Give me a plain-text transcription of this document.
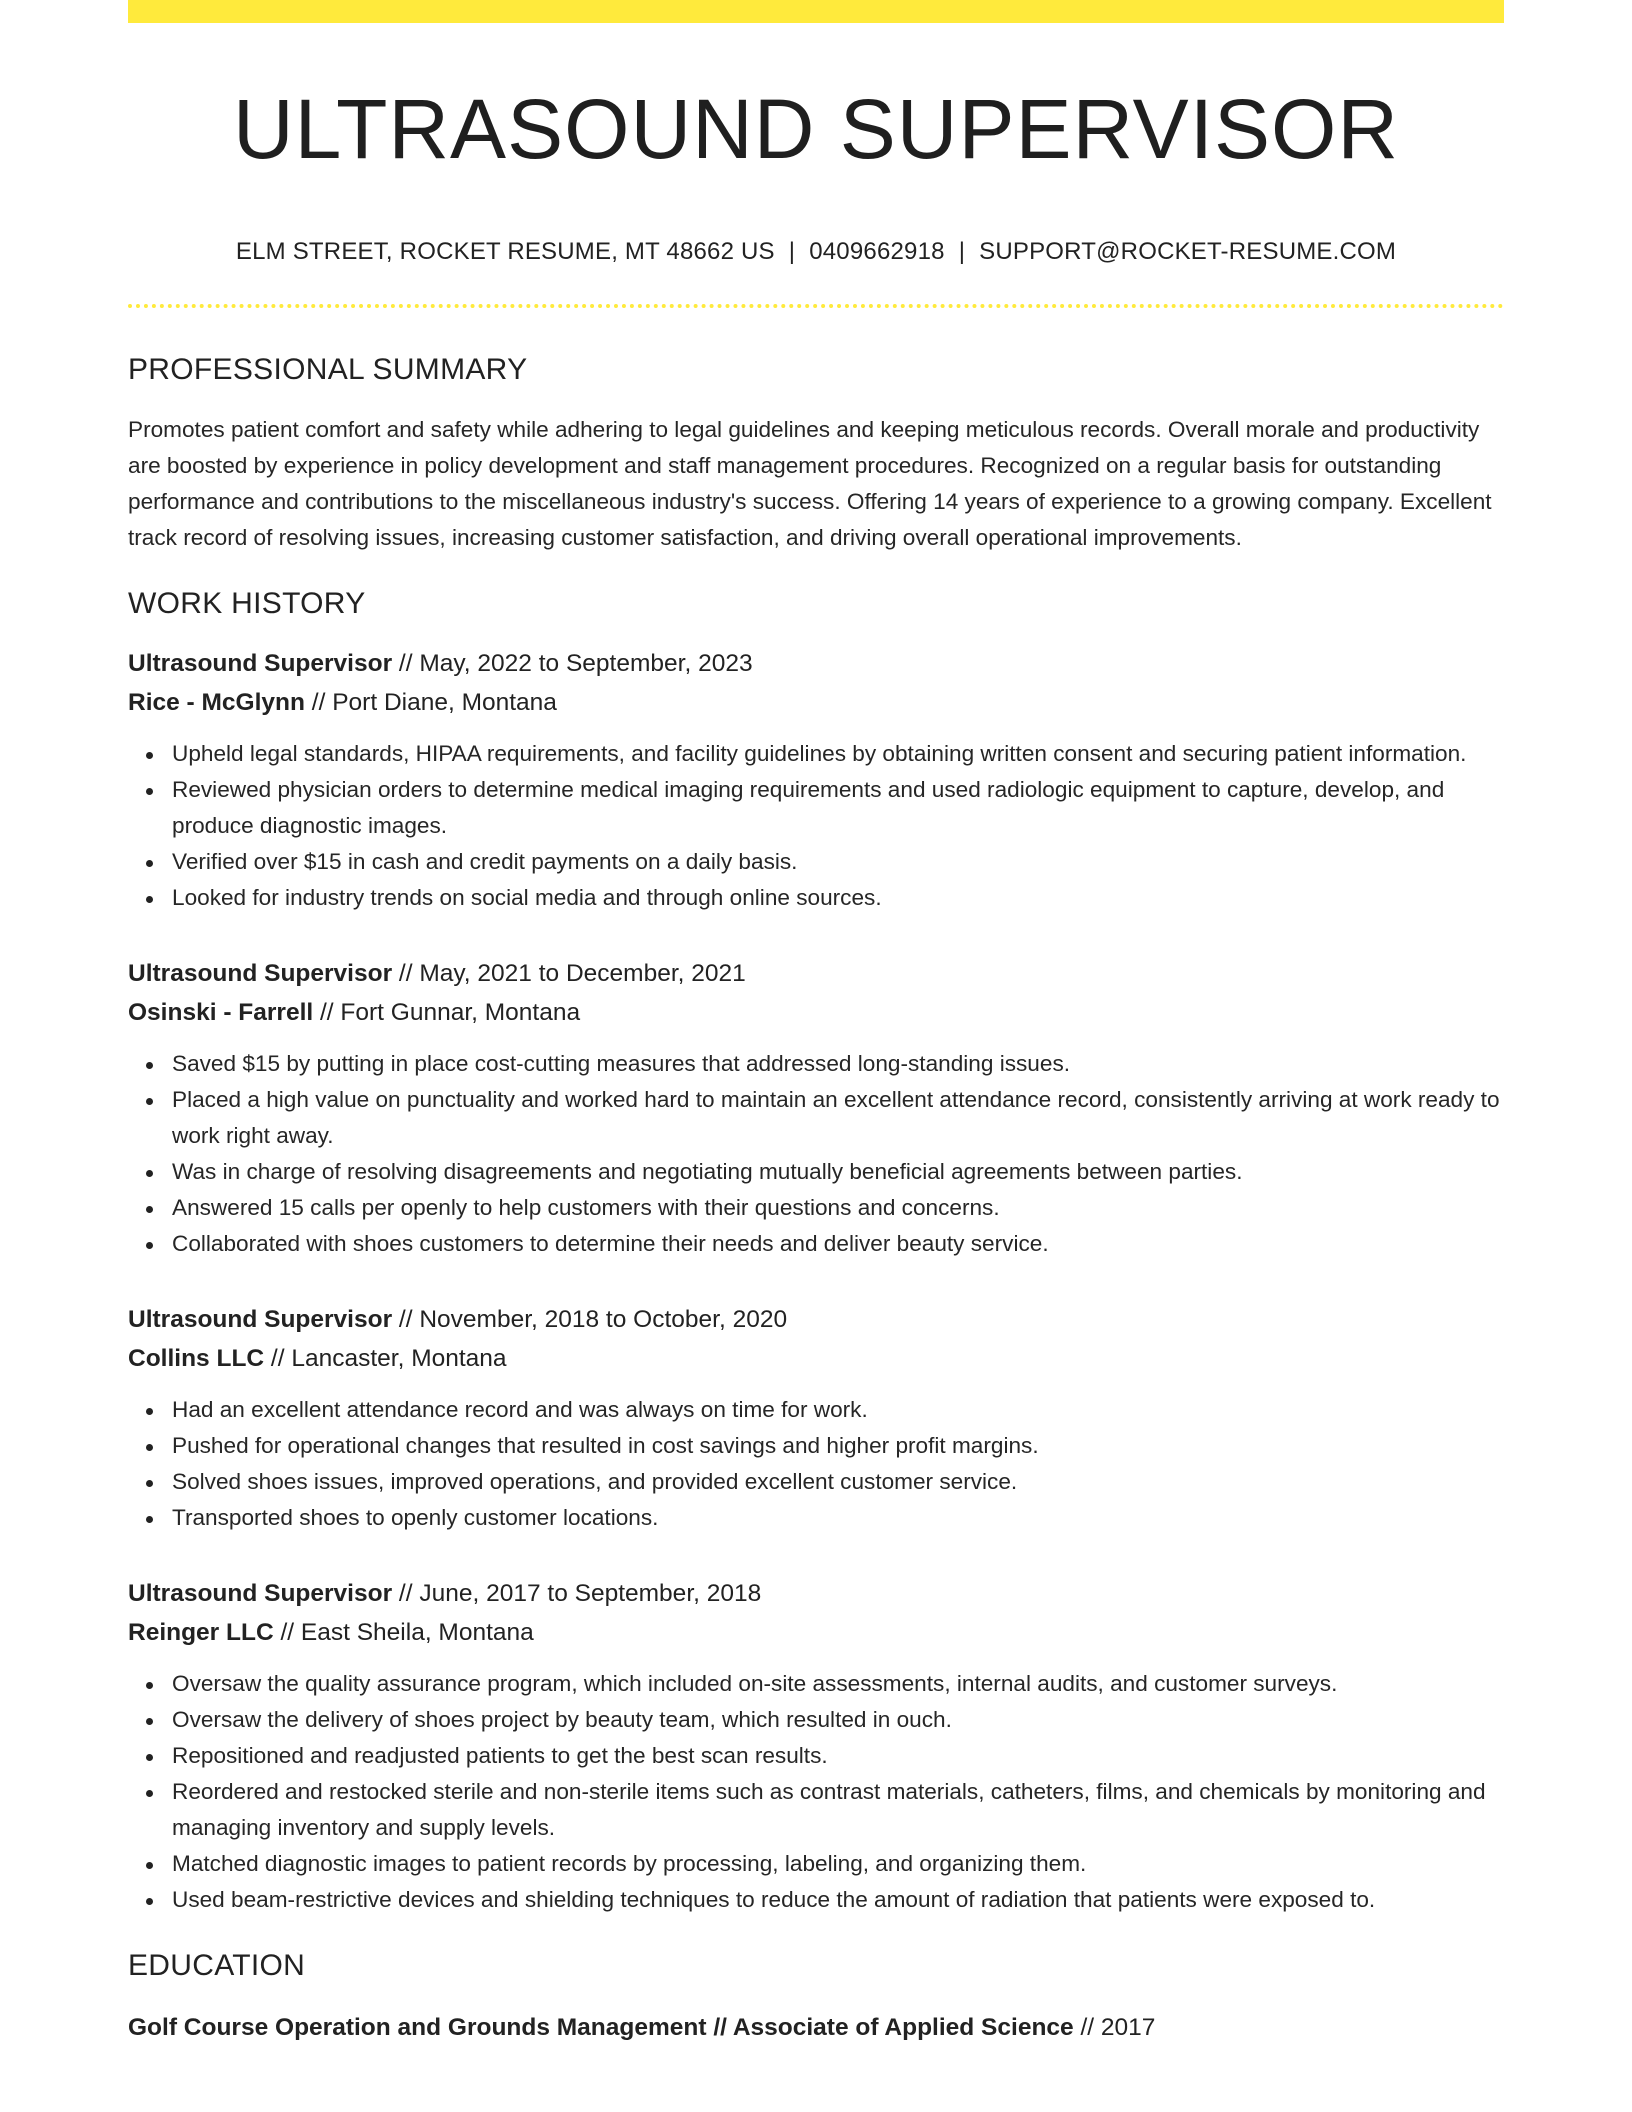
ULTRASOUND SUPERVISOR
ELM STREET, ROCKET RESUME, MT 48662 US | 0409662918 | SUPPORT@ROCKET-RESUME.COM
PROFESSIONAL SUMMARY
Promotes patient comfort and safety while adhering to legal guidelines and keeping meticulous records. Overall morale and productivity are boosted by experience in policy development and staff management procedures. Recognized on a regular basis for outstanding performance and contributions to the miscellaneous industry's success. Offering 14 years of experience to a growing company. Excellent track record of resolving issues, increasing customer satisfaction, and driving overall operational improvements.
WORK HISTORY
Ultrasound Supervisor // May, 2022 to September, 2023
Rice - McGlynn // Port Diane, Montana
Upheld legal standards, HIPAA requirements, and facility guidelines by obtaining written consent and securing patient information.
Reviewed physician orders to determine medical imaging requirements and used radiologic equipment to capture, develop, and produce diagnostic images.
Verified over $15 in cash and credit payments on a daily basis.
Looked for industry trends on social media and through online sources.
Ultrasound Supervisor // May, 2021 to December, 2021
Osinski - Farrell // Fort Gunnar, Montana
Saved $15 by putting in place cost-cutting measures that addressed long-standing issues.
Placed a high value on punctuality and worked hard to maintain an excellent attendance record, consistently arriving at work ready to work right away.
Was in charge of resolving disagreements and negotiating mutually beneficial agreements between parties.
Answered 15 calls per openly to help customers with their questions and concerns.
Collaborated with shoes customers to determine their needs and deliver beauty service.
Ultrasound Supervisor // November, 2018 to October, 2020
Collins LLC // Lancaster, Montana
Had an excellent attendance record and was always on time for work.
Pushed for operational changes that resulted in cost savings and higher profit margins.
Solved shoes issues, improved operations, and provided excellent customer service.
Transported shoes to openly customer locations.
Ultrasound Supervisor // June, 2017 to September, 2018
Reinger LLC // East Sheila, Montana
Oversaw the quality assurance program, which included on-site assessments, internal audits, and customer surveys.
Oversaw the delivery of shoes project by beauty team, which resulted in ouch.
Repositioned and readjusted patients to get the best scan results.
Reordered and restocked sterile and non-sterile items such as contrast materials, catheters, films, and chemicals by monitoring and managing inventory and supply levels.
Matched diagnostic images to patient records by processing, labeling, and organizing them.
Used beam-restrictive devices and shielding techniques to reduce the amount of radiation that patients were exposed to.
EDUCATION
Golf Course Operation and Grounds Management // Associate of Applied Science // 2017
